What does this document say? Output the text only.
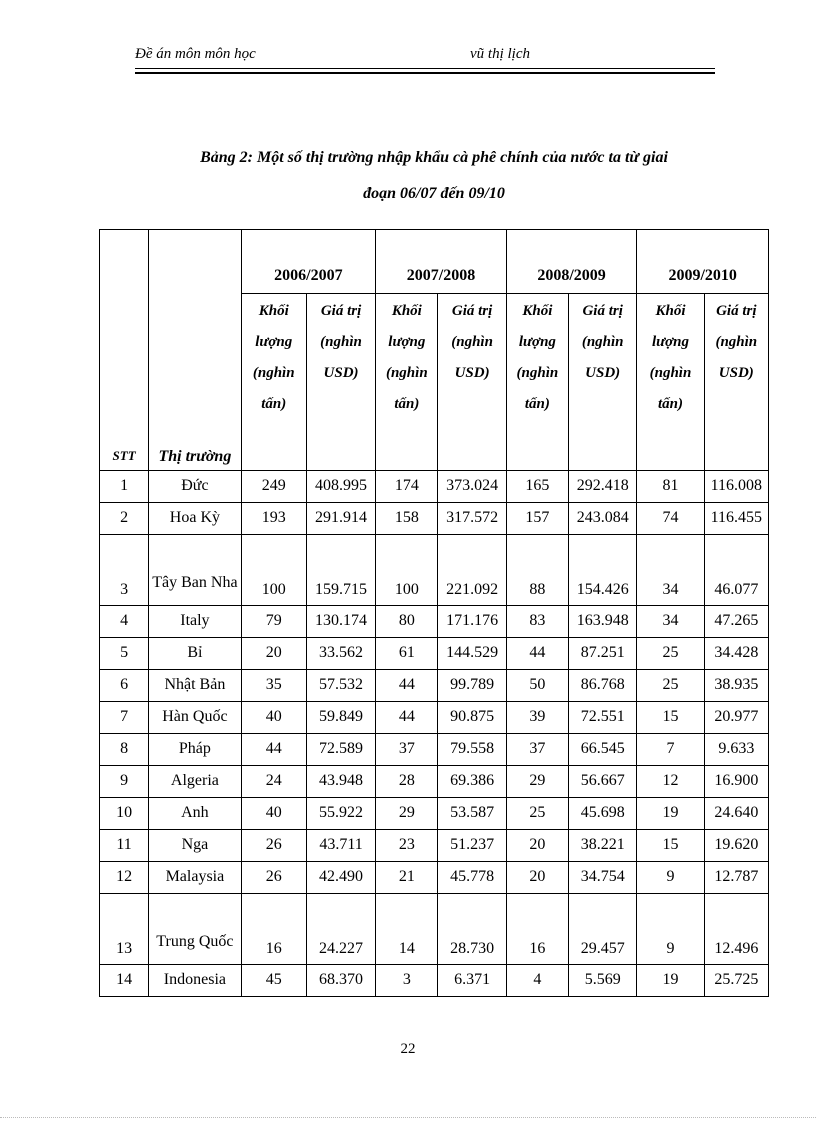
Đề án môn môn học	vũ thị lịch
Bảng 2: Một số thị trường nhập khẩu cà phê chính của nước ta từ giai
đoạn 06/07 đến 09/10
		2006/2007		2007/2008		2008/2009		2009/2010	
STT	Thị trường	Khối lượng (nghìn tấn)	Giá trị (nghìn USD)	Khối lượng (nghìn tấn)	Giá trị (nghìn USD)	Khối lượng (nghìn tấn)	Giá trị (nghìn USD)	Khối lượng (nghìn tấn)	Giá trị (nghìn USD)
1	Đức	249	408.995	174	373.024	165	292.418	81	116.008
2	Hoa Kỳ	193	291.914	158	317.572	157	243.084	74	116.455
3	Tây Ban Nha	100	159.715	100	221.092	88	154.426	34	46.077
4	Italy	79	130.174	80	171.176	83	163.948	34	47.265
5	Bỉ	20	33.562	61	144.529	44	87.251	25	34.428
6	Nhật Bản	35	57.532	44	99.789	50	86.768	25	38.935
7	Hàn Quốc	40	59.849	44	90.875	39	72.551	15	20.977
8	Pháp	44	72.589	37	79.558	37	66.545	7	9.633
9	Algeria	24	43.948	28	69.386	29	56.667	12	16.900
10	Anh	40	55.922	29	53.587	25	45.698	19	24.640
11	Nga	26	43.711	23	51.237	20	38.221	15	19.620
12	Malaysia	26	42.490	21	45.778	20	34.754	9	12.787
13	Trung Quốc	16	24.227	14	28.730	16	29.457	9	12.496
14	Indonesia	45	68.370	3	6.371	4	5.569	19	25.725
22
